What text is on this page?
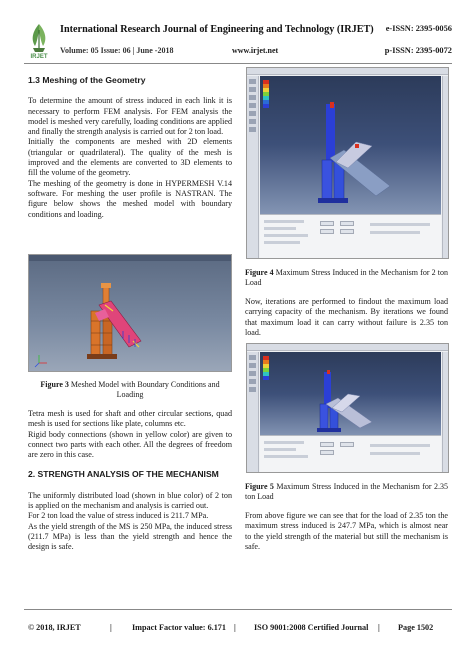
IRJET
International Research Journal of Engineering and Technology (IRJET) e-ISSN: 2395-0056
Volume: 05 Issue: 06 | June -2018	www.irjet.net	p-ISSN: 2395-0072
1.3 Meshing of the Geometry

To determine the amount of stress induced in each link it is necessary to perform FEM analysis. For FEM analysis the model is meshed very carefully, loading conditions are applied and finally the strength analysis is carried out for 2 ton load.

Initially the components are meshed with 2D elements (triangular or quadrilateral). The quality of the mesh is improved and the elements are converted to 3D elements to fill the volume of the geometry.

The meshing of the geometry is done in HYPERMESH V.14 software. For meshing the user profile is NASTRAN. The figure below shows the meshed model with boundary conditions and loading.

Figure 3 Meshed Model with Boundary Conditions and Loading

Tetra mesh is used for shaft and other circular sections, quad mesh is used for sections like plate, columns etc.

Rigid body connections (shown in yellow color) are given to connect two parts with each other. All the degrees of freedom are zero in this case.

2. STRENGTH ANALYSIS OF THE MECHANISM

The uniformly distributed load (shown in blue color) of 2 ton is applied on the mechanism and analysis is carried out.

For 2 ton load the value of stress induced is 211.7 MPa.

As the yield strength of the MS is 250 MPa, the induced stress (211.7 MPa) is less than the yield strength and hence the design is safe.

Figure 4 Maximum Stress Induced in the Mechanism for 2 ton Load

Now, iterations are performed to findout the maximum load carrying capacity of the mechanism. By iterations we found that maximum load it can carry without failure is 2.35 ton load.

Figure 5 Maximum Stress Induced in the Mechanism for 2.35 ton Load

From above figure we can see that for the load of 2.35 ton the maximum stress induced is 247.7 MPa, which is almost near to the yield strength of the material but still the mechanism is safe.

© 2018, IRJET	| Impact Factor value: 6.171 | ISO 9001:2008 Certified Journal | Page 1502
